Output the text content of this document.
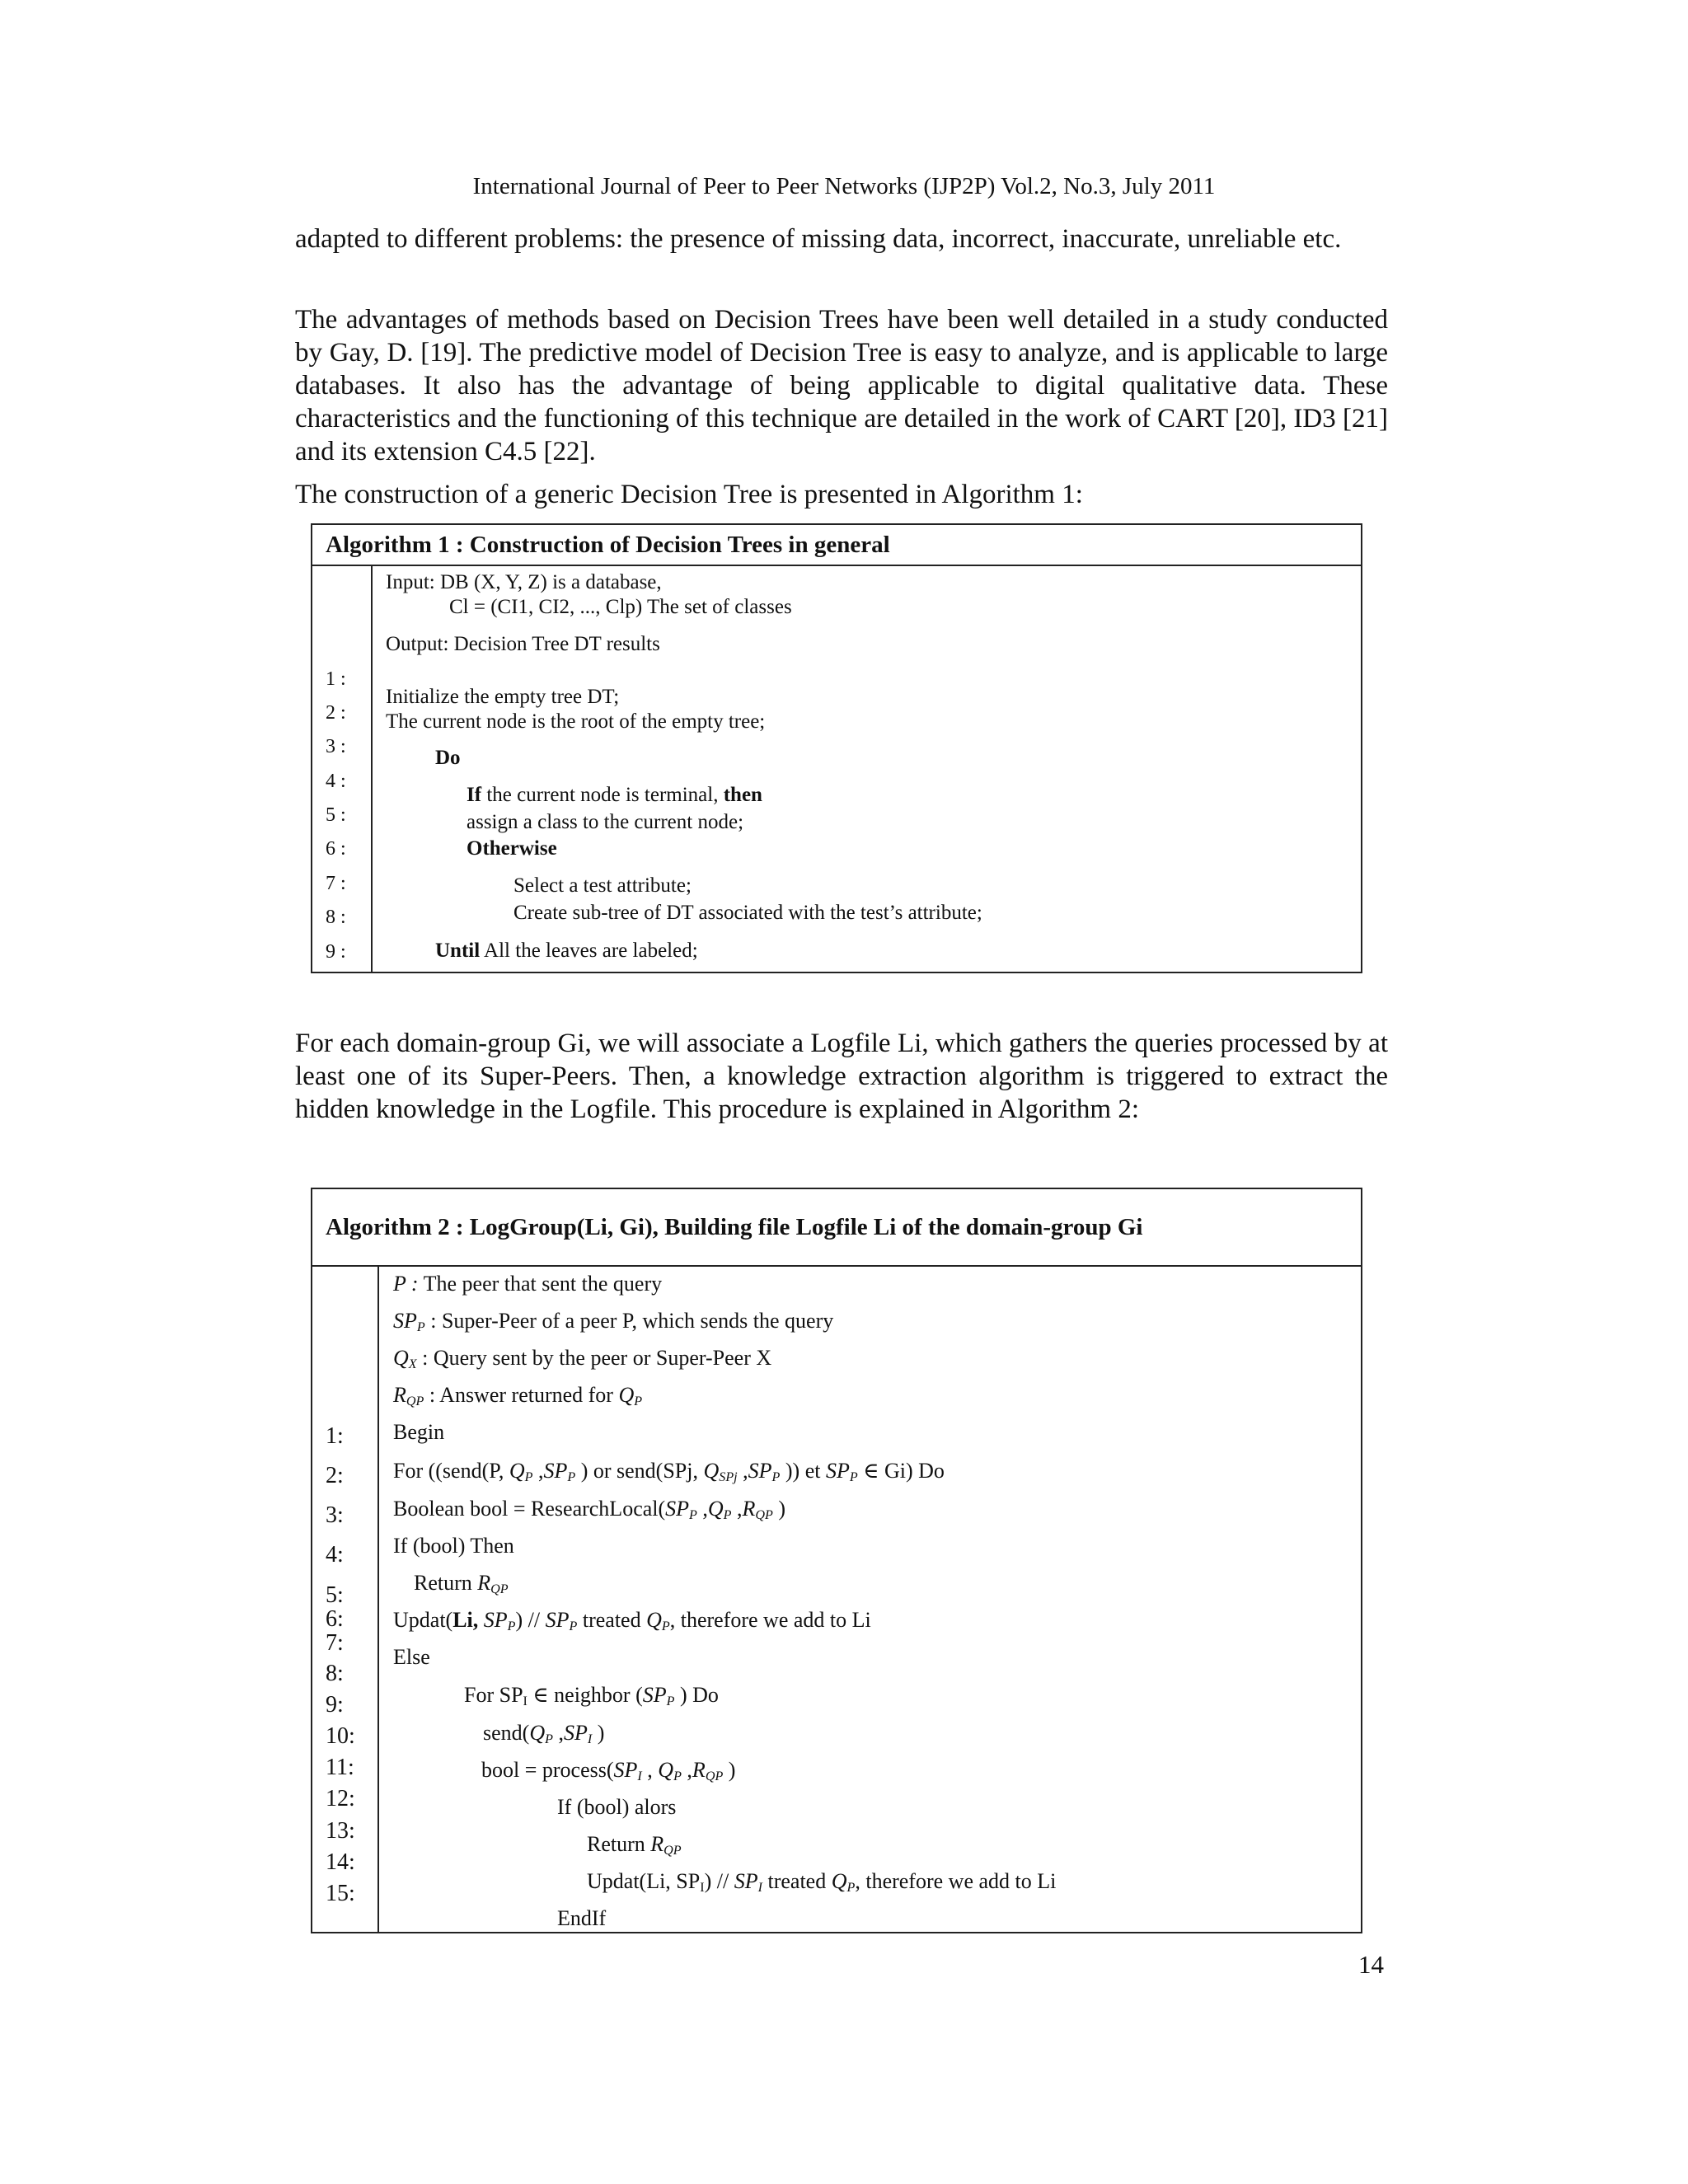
International Journal of Peer to Peer Networks (IJP2P) Vol.2, No.3, July 2011

adapted to different problems: the presence of missing data, incorrect, inaccurate, unreliable etc.

The advantages of methods based on Decision Trees have been well detailed in a study conducted by Gay, D. [19]. The predictive model of Decision Tree is easy to analyze, and is applicable to large databases. It also has the advantage of being applicable to digital qualitative data. These characteristics and the functioning of this technique are detailed in the work of CART [20], ID3 [21] and its extension C4.5 [22].

The construction of a generic Decision Tree is presented in Algorithm 1:

Algorithm 1 : Construction of Decision Trees in general
1 :
2 :
3 :
4 :
5 :
6 :
7 :
8 :
9 :
Input: DB (X, Y, Z) is a database,
Cl = (CI1, CI2, ..., Clp) The set of classes
Output: Decision Tree DT results
Initialize the empty tree DT;
The current node is the root of the empty tree;
Do
If the current node is terminal, then
assign a class to the current node;
Otherwise
Select a test attribute;
Create sub-tree of DT associated with the test’s attribute;
Until All the leaves are labeled;

For each domain-group Gi, we will associate a Logfile Li, which gathers the queries processed by at least one of its Super-Peers. Then, a knowledge extraction algorithm is triggered to extract the hidden knowledge in the Logfile. This procedure is explained in Algorithm 2:

Algorithm 2 : LogGroup(Li, Gi), Building file Logfile Li of the domain-group Gi
1:
2:
3:
4:
5:
6:
7:
8:
9:
10:
11:
12:
13:
14:
15:
P : The peer that sent the query
$SP_P$ : Super-Peer of a peer P, which sends the query
$Q_X$ : Query sent by the peer or Super-Peer X
$R_{QP}$ : Answer returned for $Q_P$
Begin
For ((send(P, $Q_P$ $,SP_P$ ) or send(SPj, $Q_{SPj}$ $,SP_P$ )) et $SP_P$ ∈ Gi) Do
Boolean bool = $ResearchLocal(SP_P$ $,Q_P$ $,R_{QP}$ )
If (bool) Then
Return $R_{QP}$
Updat(Li, $SP_P) // SP_P$ treated $Q_P$, therefore we add to Li
Else
For $SP_I$ ∈ neighbor ($SP_P$ ) Do
$send(Q_P$ $,SP_I$ )
bool = $process(SP_I$ , $Q_P$ $,R_{QP}$ )
If (bool) alors
Return $R_{QP}$
Updat(Li, $SP_I) // SP_I$ treated $Q_P$, therefore we add to Li
EndIf
14
